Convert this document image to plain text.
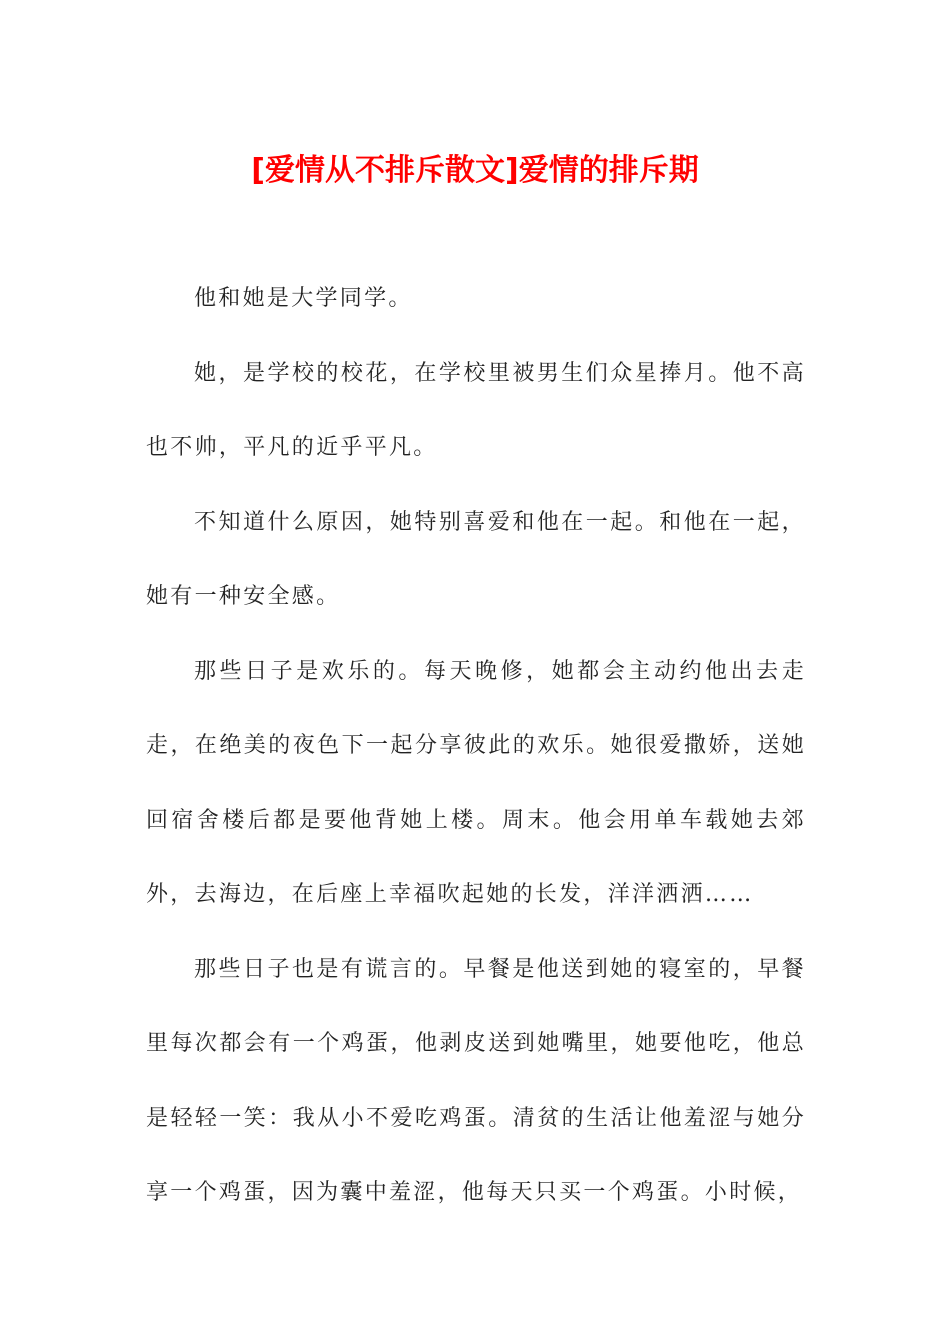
[爱情从不排斥散文]爱情的排斥期

他和她是大学同学。

她，是学校的校花，在学校里被男生们众星捧月。他不高也不帅，平凡的近乎平凡。

不知道什么原因，她特别喜爱和他在一起。和他在一起，她有一种安全感。

那些日子是欢乐的。每天晚修，她都会主动约他出去走走，在绝美的夜色下一起分享彼此的欢乐。她很爱撒娇，送她回宿舍楼后都是要他背她上楼。周末。他会用单车载她去郊外，去海边，在后座上幸福吹起她的长发，洋洋洒洒……

那些日子也是有谎言的。早餐是他送到她的寝室的，早餐里每次都会有一个鸡蛋，他剥皮送到她嘴里，她要他吃，他总是轻轻一笑：我从小不爱吃鸡蛋。清贫的生活让他羞涩与她分享一个鸡蛋，因为囊中羞涩，他每天只买一个鸡蛋。小时候，
